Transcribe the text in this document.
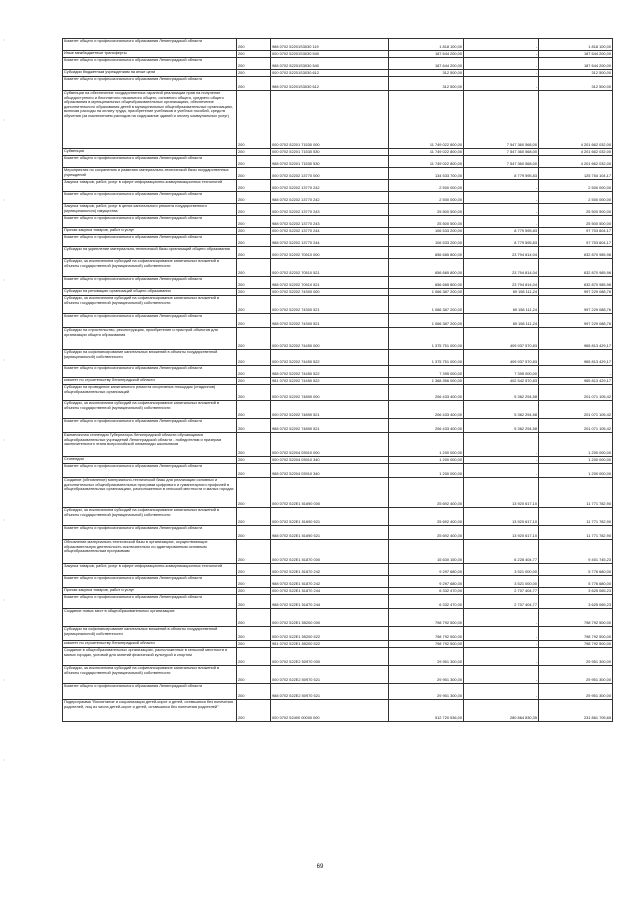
Комитет общего и профессионального образования Ленинградской области	200	988 0702 52201S3030 119	1 818 100,00	-	1 818 100,00
Иные межбюджетные трансферты	200	000 0702 52201S3030 540	187 644 200,00	-	187 644 200,00
Комитет общего и профессионального образования Ленинградской области	200	988 0702 52201S3030 540	187 644 200,00	-	187 644 200,00
Субсидии бюджетным учреждениям на иные цели	200	000 0702 52201S3030 612	312 500,00	-	312 500,00
Комитет общего и профессионального образования Ленинградской области	200	988 0702 52201S3030 612	312 500,00	-	312 500,00
Субвенции на обеспечение государственных гарантий реализации прав на получение общедоступного и бесплатного начального общего, основного общего, среднего общего образования в муниципальных общеобразовательных организациях, обеспечение дополнительного образования детей в муниципальных общеобразовательных организациях, включая расходы на оплату труда, приобретение учебников и учебных пособий, средств обучения (за исключением расходов на содержание зданий и оплату коммунальных услуг)	200	000 0702 52201 71530 000	11 749 022 800,00	7 547 360 568,00	4 201 662 032,00
Субвенции	200	000 0702 52201 71530 530	11 749 022 800,00	7 547 360 568,00	4 201 662 032,00
Комитет общего и профессионального образования Ленинградской области	200	988 0702 52201 71530 530	11 749 022 800,00	7 547 360 568,00	4 201 662 032,00
Мероприятия по сохранению и развитию материально-технической базы государственных учреждений	200	000 0702 52202 13770 000	134 533 700,00	8 779 595,83	125 754 104,17
Закупка товаров, работ, услуг в сфере информационно-коммуникационных технологий	200	000 0702 52202 13770 242	2 500 000,00	-	2 500 000,00
Комитет общего и профессионального образования Ленинградской области	200	988 0702 52202 13770 242	2 500 000,00	-	2 500 000,00
Закупка товаров, работ, услуг в целях капитального ремонта государственного (муниципального) имущества	200	000 0702 52202 13770 243	25 500 500,00	-	25 500 500,00
Комитет общего и профессионального образования Ленинградской области	200	988 0702 52202 13770 243	25 500 500,00	-	25 500 500,00
Прочая закупка товаров, работ и услуг	200	000 0702 52202 13770 244	106 533 200,00	8 779 595,83	97 753 604,17
Комитет общего и профессионального образования Ленинградской области	200	988 0702 52202 13770 244	106 533 200,00	8 779 595,83	97 753 604,17
Субсидии на укрепление материально-технической базы организаций общего образования	200	000 0702 52202 70510 000	656 665 800,00	23 794 814,04	632 870 985,96
Субсидии, за исключением субсидий на софинансирование капитальных вложений в объекты государственной (муниципальной) собственности	200	000 0702 52202 70510 521	656 665 800,00	23 794 814,04	632 870 985,96
Комитет общего и профессионального образования Ленинградской области	200	988 0702 52202 70510 521	656 665 800,00	23 794 814,04	632 870 985,96
Субсидии на реновацию организаций общего образования	200	000 0702 52202 74300 000	1 066 387 200,00	69 158 111,24	997 229 088,76
Субсидии, за исключением субсидий на софинансирование капитальных вложений в объекты государственной (муниципальной) собственности	200	000 0702 52202 74300 521	1 066 387 200,00	69 158 111,24	997 229 088,76
Комитет общего и профессионального образования Ленинградской области	200	988 0702 52202 74300 521	1 066 387 200,00	69 158 111,24	997 229 088,76
Субсидии на строительство, реконструкцию, приобретение и пристрой объектов для организации общего образования	200	000 0702 52202 74450 000	1 375 751 000,00	409 937 570,83	965 813 429,17
Субсидии на софинансирование капитальных вложений в объекты государственной (муниципальной) собственности	200	000 0702 52202 74450 522	1 375 751 000,00	409 937 570,83	965 813 429,17
Комитет общего и профессионального образования Ленинградской области	200	988 0702 52202 74450 522	7 395 000,00	7 395 000,00	-
комитет по строительству Ленинградской области	200	981 0702 52202 74450 522	1 368 356 000,00	402 542 570,83	965 813 429,17
Субсидии на проведение капитального ремонта спортивных площадок (стадионов) общеобразовательных организаций	200	000 0702 52202 74890 000	206 433 400,00	5 362 294,58	201 071 105,42
Субсидии, за исключением субсидий на софинансирование капитальных вложений в объекты государственной (муниципальной) собственности	200	000 0702 52202 74890 521	206 433 400,00	5 362 294,58	201 071 105,42
Комитет общего и профессионального образования Ленинградской области	200	988 0702 52202 74890 521	206 433 400,00	5 362 294,58	201 071 105,42
Ежемесячная стипендия Губернатора Ленинградской области обучающимся общеобразовательных учреждений Ленинградской области - победителям и призерам заключительного этапа всероссийской олимпиады школьников	200	000 0702 52204 03910 000	1 200 000,00	-	1 200 000,00
Стипендии	200	000 0702 52204 03910 340	1 200 000,00	-	1 200 000,00
Комитет общего и профессионального образования Ленинградской области	200	988 0702 52204 03910 340	1 200 000,00	-	1 200 000,00
Создание (обновление) материально-технической базы для реализации основных и дополнительных общеобразовательных программ цифрового и гуманитарного профилей в общеобразовательных организациях, расположенных в сельской местности и малых городах	200	000 0702 522E1 51690 000	25 692 400,00	13 920 617,10	11 771 782,90
Субсидии, за исключением субсидий на софинансирование капитальных вложений в объекты государственной (муниципальной) собственности	200	000 0702 522E1 51690 521	25 692 400,00	13 920 617,10	11 771 782,90
Комитет общего и профессионального образования Ленинградской области	200	988 0702 522E1 51690 521	25 692 400,00	13 920 617,10	11 771 782,90
Обновление материально-технической базы в организациях, осуществляющих образовательную деятельность исключительно по адаптированным основным общеобразовательным программам	200	000 0702 522E1 51870 000	15 630 150,00	6 228 404,77	9 401 745,23
Закупка товаров, работ, услуг в сфере информационно-коммуникационных технологий	200	000 0702 522E1 51870 242	9 297 680,00	3 521 000,00	5 776 680,00
Комитет общего и профессионального образования Ленинградской области	200	988 0702 522E1 51870 242	9 297 680,00	3 521 000,00	5 776 680,00
Прочая закупка товаров, работ и услуг	200	000 0702 522E1 51870 244	6 332 470,00	2 707 404,77	3 625 065,23
Комитет общего и профессионального образования Ленинградской области	200	988 0702 522E1 51870 244	6 332 470,00	2 707 404,77	3 625 065,23
Создание новых мест в общеобразовательных организациях	200	000 0702 522E1 55200 000	798 792 500,00	-	798 792 500,00
Субсидии на софинансирование капитальных вложений в объекты государственной (муниципальной) собственности	200	000 0702 522E1 55200 522	798 792 500,00	-	798 792 500,00
комитет по строительству Ленинградской области	200	981 0702 522E1 55200 522	798 792 500,00	-	798 792 500,00
Создание в общеобразовательных организациях, расположенных в сельской местности и малых городах, условий для занятий физической культурой и спортом	200	000 0702 522E2 50970 000	29 951 300,00	-	29 951 300,00
Субсидии, за исключением субсидий на софинансирование капитальных вложений в объекты государственной (муниципальной) собственности	200	000 0702 522E2 50970 521	29 951 300,00	-	29 951 300,00
Комитет общего и профессионального образования Ленинградской области	200	988 0702 522E2 50970 521	29 951 300,00	-	29 951 300,00
Подпрограмма "Воспитание и социализация детей-сирот и детей, оставшихся без попечения родителей, лиц из числа детей-сирот и детей, оставшихся без попечения родителей"	200	000 0702 52400 00000 000	512 720 536,00	280 864 830,35	231 861 705,65
69
